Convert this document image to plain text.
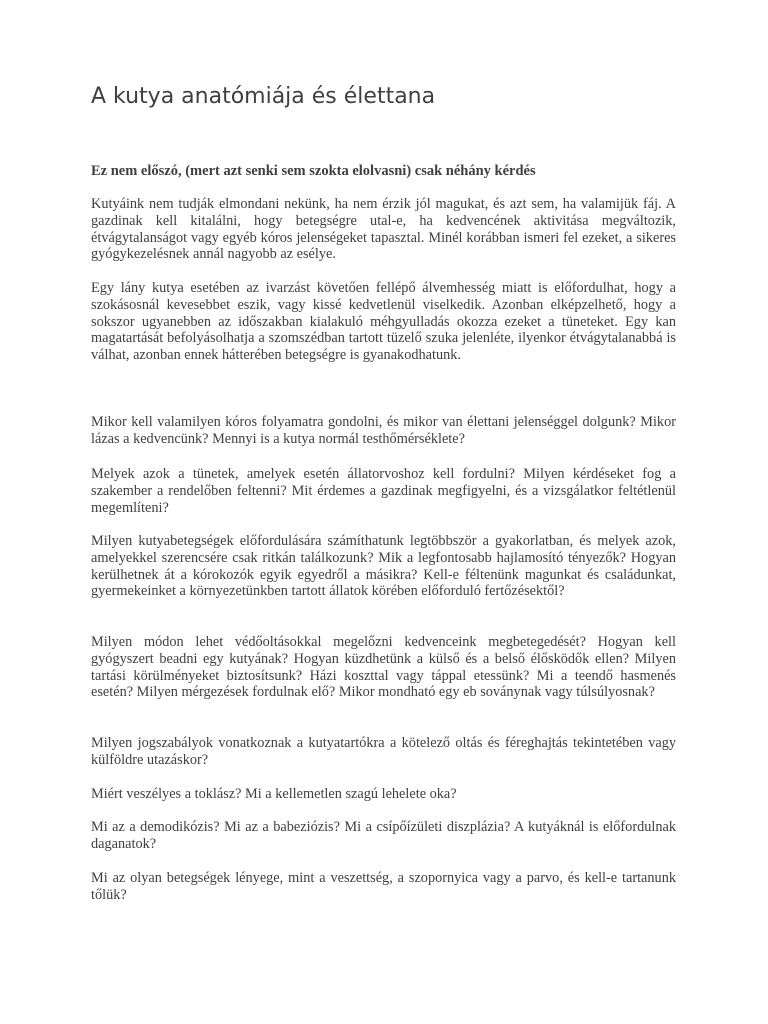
A kutya anatómiája és élettana

Ez nem előszó, (mert azt senki sem szokta elolvasni) csak néhány kérdés

Kutyáink nem tudják elmondani nekünk, ha nem érzik jól magukat, és azt sem, ha valamijük fáj. A gazdinak kell kitalálni, hogy betegségre utal-e, ha kedvencének aktivitása megváltozik, étvágytalanságot vagy egyéb kóros jelenségeket tapasztal. Minél korábban ismeri fel ezeket, a sikeres gyógykezelésnek annál nagyobb az esélye.

Egy lány kutya esetében az ivarzást követően fellépő álvemhesség miatt is előfordulhat, hogy a szokásosnál kevesebbet eszik, vagy kissé kedvetlenül viselkedik. Azonban elképzelhető, hogy a sokszor ugyanebben az időszakban kialakuló méhgyulladás okozza ezeket a tüneteket. Egy kan magatartását befolyásolhatja a szomszédban tartott tüzelő szuka jelenléte, ilyenkor étvágytalanabbá is válhat, azonban ennek hátterében betegségre is gyanakodhatunk.

Mikor kell valamilyen kóros folyamatra gondolni, és mikor van élettani jelenséggel dolgunk? Mikor lázas a kedvencünk? Mennyi is a kutya normál testhőmérséklete?

Melyek azok a tünetek, amelyek esetén állatorvoshoz kell fordulni? Milyen kérdéseket fog a szakember a rendelőben feltenni? Mit érdemes a gazdinak megfigyelni, és a vizsgálatkor feltétlenül megemlíteni?

Milyen kutyabetegségek előfordulására számíthatunk legtöbbször a gyakorlatban, és melyek azok, amelyekkel szerencsére csak ritkán találkozunk? Mik a legfontosabb hajlamosító tényezők? Hogyan kerülhetnek át a kórokozók egyik egyedről a másikra? Kell-e féltenünk magunkat és családunkat, gyermekeinket a környezetünkben tartott állatok körében előforduló fertőzésektől?

Milyen módon lehet védőoltásokkal megelőzni kedvenceink megbetegedését? Hogyan kell gyógyszert beadni egy kutyának? Hogyan küzdhetünk a külső és a belső élősködők ellen? Milyen tartási körülményeket biztosítsunk? Házi koszttal vagy táppal etessünk? Mi a teendő hasmenés esetén? Milyen mérgezések fordulnak elő? Mikor mondható egy eb soványnak vagy túlsúlyosnak?

Milyen jogszabályok vonatkoznak a kutyatartókra a kötelező oltás és féreghajtás tekintetében vagy külföldre utazáskor?

Miért veszélyes a toklász? Mi a kellemetlen szagú lehelete oka?

Mi az a demodikózis? Mi az a babeziózis? Mi a csípőízületi diszplázia? A kutyáknál is előfordulnak daganatok?

Mi az olyan betegségek lényege, mint a veszettség, a szopornyica vagy a parvo, és kell-e tartanunk tőlük?
